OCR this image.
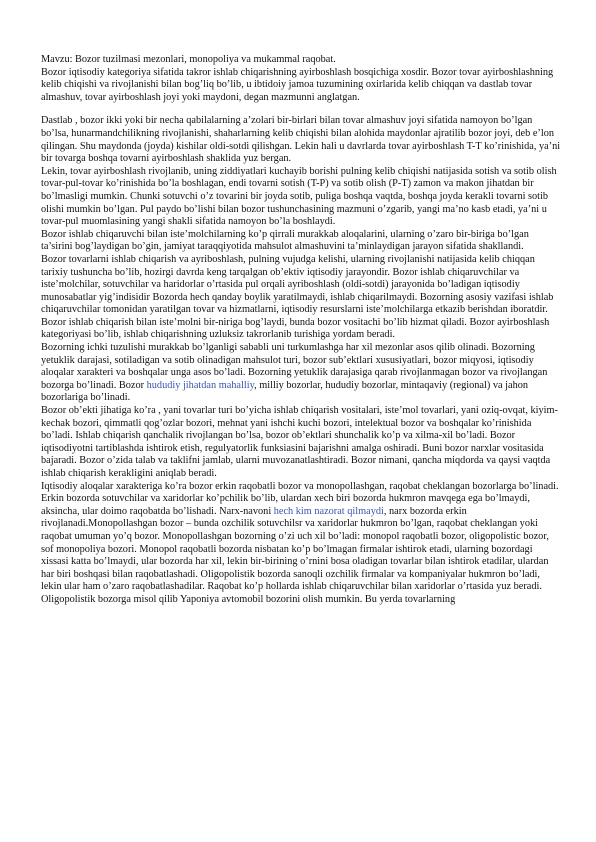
Mavzu: Bozor tuzilmasi mezonlari, monopoliya va mukammal raqobat.

Bozor iqtisodiy kategoriya sifatida takror ishlab chiqarishning ayirboshlash bosqichiga xosdir. Bozor tovar ayirboshlashning kelib chiqishi va rivojlanishi bilan bog’liq bo’lib, u ibtidoiy jamoa tuzumining oxirlarida kelib chiqqan va dastlab tovar almashuv, tovar ayirboshlash joyi yoki maydoni, degan mazmunni anglatgan.

Dastlab , bozor ikki yoki bir necha qabilalarning a’zolari bir-birlari bilan tovar almashuv joyi sifatida namoyon bo’lgan bo’lsa, hunarmandchilikning rivojlanishi, shaharlarning kelib chiqishi bilan alohida maydonlar ajratilib bozor joyi, deb e’lon qilingan. Shu maydonda (joyda) kishilar oldi-sotdi qilishgan. Lekin hali u davrlarda tovar ayirboshlash T-T ko’rinishida, ya’ni bir tovarga boshqa tovarni ayirboshlash shaklida yuz bergan.

Lekin, tovar ayirboshlash rivojlanib, uning ziddiyatlari kuchayib borishi pulning kelib chiqishi natijasida sotish va sotib olish tovar-pul-tovar ko’rinishida bo’la boshlagan, endi tovarni sotish (T-P) va sotib olish (P-T) zamon va makon jihatdan bir bo’lmasligi mumkin. Chunki sotuvchi o’z tovarini bir joyda sotib, puliga boshqa vaqtda, boshqa joyda kerakli tovarni sotib olishi mumkin bo’lgan. Pul paydo bo’lishi bilan bozor tushunchasining mazmuni o’zgarib, yangi ma’no kasb etadi, ya’ni u tovar-pul muomlasining yangi shakli sifatida namoyon bo’la boshlaydi.

Bozor ishlab chiqaruvchi bilan iste’molchilarning ko’p qirrali murakkab aloqalarini, ularning o’zaro bir-biriga bo’lgan ta’sirini bog’laydigan bo’gin, jamiyat taraqqiyotida mahsulot almashuvini ta’minlaydigan jarayon sifatida shakllandi.

Bozor tovarlarni ishlab chiqarish va ayriboshlash, pulning vujudga kelishi, ularning rivojlanishi natijasida kelib chiqqan tarixiy tushuncha bo’lib, hozirgi davrda keng tarqalgan ob’ektiv iqtisodiy jarayondir. Bozor ishlab chiqaruvchilar va iste’molchilar, sotuvchilar va haridorlar o’rtasida pul orqali ayriboshlash (oldi-sotdi) jarayonida bo’ladigan iqtisodiy munosabatlar yig’indisidir Bozorda hech qanday boylik yaratilmaydi, ishlab chiqarilmaydi. Bozorning asosiy vazifasi ishlab chiqaruvchilar tomonidan yaratilgan tovar va hizmatlarni, iqtisodiy resurslarni iste’molchilarga etkazib berishdan iboratdir. Bozor ishlab chiqarish bilan iste’molni bir-niriga bog’laydi, bunda bozor vositachi bo’lib hizmat qiladi. Bozor ayirboshlash kategoriyasi bo’lib, ishlab chiqarishning uzluksiz takrorlanib turishiga yordam beradi.

Bozorning ichki tuzulishi murakkab bo’lganligi sababli uni turkumlashga har xil mezonlar asos qilib olinadi. Bozorning yetuklik darajasi, sotiladigan va sotib olinadigan mahsulot turi, bozor sub’ektlari xususiyatlari, bozor miqyosi, iqtisodiy aloqalar xarakteri va boshqalar unga asos bo’ladi. Bozorning yetuklik darajasiga qarab rivojlanmagan bozor va rivojlangan bozorga bo’linadi. Bozor hududiy jihatdan mahalliy, milliy bozorlar, hududiy bozorlar, mintaqaviy (regional) va jahon bozorlariga bo’linadi.

Bozor ob’ekti jihatiga ko’ra , yani tovarlar turi bo’yicha ishlab chiqarish vositalari, iste’mol tovarlari, yani oziq-ovqat, kiyim-kechak bozori, qimmatli qog’ozlar bozori, mehnat yani ishchi kuchi bozori, intelektual bozor va boshqalar ko’rinishida bo’ladi. Ishlab chiqarish qanchalik rivojlangan bo’lsa, bozor ob’ektlari shunchalik ko’p va xilma-xil bo’ladi. Bozor iqtisodiyotni tartiblashda ishtirok etish, regulyatorlik funksiasini bajarishni amalga oshiradi. Buni bozor narxlar vositasida bajaradi. Bozor o’zida talab va taklifni jamlab, ularni muvozanatlashtiradi. Bozor nimani, qancha miqdorda va qaysi vaqtda ishlab chiqarish kerakligini aniqlab beradi.

Iqtisodiy aloqalar xarakteriga ko’ra bozor erkin raqobatli bozor va monopollashgan, raqobat cheklangan bozorlarga bo’linadi. Erkin bozorda sotuvchilar va xaridorlar ko’pchilik bo’lib, ulardan xech biri bozorda hukmron mavqega ega bo’lmaydi, aksincha, ular doimo raqobatda bo’lishadi. Narx-navoni hech kim nazorat qilmaydi, narx bozorda erkin rivojlanadi.Monopollashgan bozor – bunda ozchilik sotuvchilsr va xaridorlar hukmron bo’lgan, raqobat cheklangan yoki raqobat umuman yo’q bozor. Monopollashgan bozorning o’zi uch xil bo’ladi: monopol raqobatli bozor, oligopolistic bozor, sof monopoliya bozori. Monopol raqobatli bozorda nisbatan ko’p bo’lmagan firmalar ishtirok etadi, ularning bozordagi xissasi katta bo’lmaydi, ular bozorda har xil, lekin bir-birining o’rnini bosa oladigan tovarlar bilan ishtirok etadilar, ulardan har biri boshqasi bilan raqobatlashadi. Oligopolistik bozorda sanoqli ozchilik firmalar va kompaniyalar hukmron bo’ladi, lekin ular ham o’zaro raqobatlashadilar. Raqobat ko’p hollarda ishlab chiqaruvchilar bilan xaridorlar o’rtasida yuz beradi.

Oligopolistik bozorga misol qilib Yaponiya avtomobil bozorini olish mumkin. Bu yerda tovarlarning
